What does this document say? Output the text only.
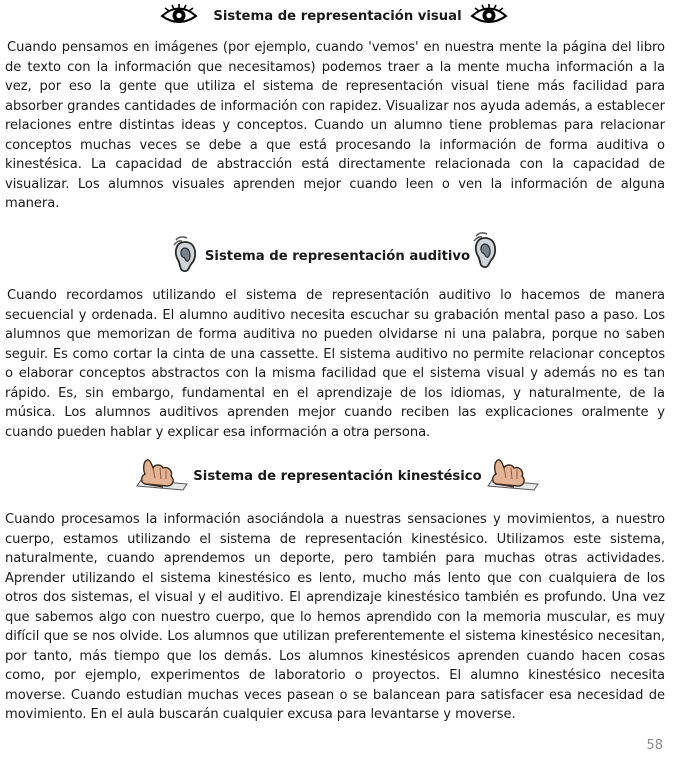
Sistema de representación visual

Cuando pensamos en imágenes (por ejemplo, cuando 'vemos' en nuestra mente la página del libro de texto con la información que necesitamos) podemos traer a la mente mucha información a la vez, por eso la gente que utiliza el sistema de representación visual tiene más facilidad para absorber grandes cantidades de información con rapidez. Visualizar nos ayuda además, a establecer relaciones entre distintas ideas y conceptos. Cuando un alumno tiene problemas para relacionar conceptos muchas veces se debe a que está procesando la información de forma auditiva o kinestésica. La capacidad de abstracción está directamente relacionada con la capacidad de visualizar. Los alumnos visuales aprenden mejor cuando leen o ven la información de alguna manera.

Sistema de representación auditivo

Cuando recordamos utilizando el sistema de representación auditivo lo hacemos de manera secuencial y ordenada. El alumno auditivo necesita escuchar su grabación mental paso a paso. Los alumnos que memorizan de forma auditiva no pueden olvidarse ni una palabra, porque no saben seguir. Es como cortar la cinta de una cassette. El sistema auditivo no permite relacionar conceptos o elaborar conceptos abstractos con la misma facilidad que el sistema visual y además no es tan rápido. Es, sin embargo, fundamental en el aprendizaje de los idiomas, y naturalmente, de la música. Los alumnos auditivos aprenden mejor cuando reciben las explicaciones oralmente y cuando pueden hablar y explicar esa información a otra persona.

Sistema de representación kinestésico

Cuando procesamos la información asociándola a nuestras sensaciones y movimientos, a nuestro cuerpo, estamos utilizando el sistema de representación kinestésico. Utilizamos este sistema, naturalmente, cuando aprendemos un deporte, pero también para muchas otras actividades. Aprender utilizando el sistema kinestésico es lento, mucho más lento que con cualquiera de los otros dos sistemas, el visual y el auditivo. El aprendizaje kinestésico también es profundo. Una vez que sabemos algo con nuestro cuerpo, que lo hemos aprendido con la memoria muscular, es muy difícil que se nos olvide. Los alumnos que utilizan preferentemente el sistema kinestésico necesitan, por tanto, más tiempo que los demás. Los alumnos kinestésicos aprenden cuando hacen cosas como, por ejemplo, experimentos de laboratorio o proyectos. El alumno kinestésico necesita moverse. Cuando estudian muchas veces pasean o se balancean para satisfacer esa necesidad de movimiento. En el aula buscarán cualquier excusa para levantarse y moverse.

58
